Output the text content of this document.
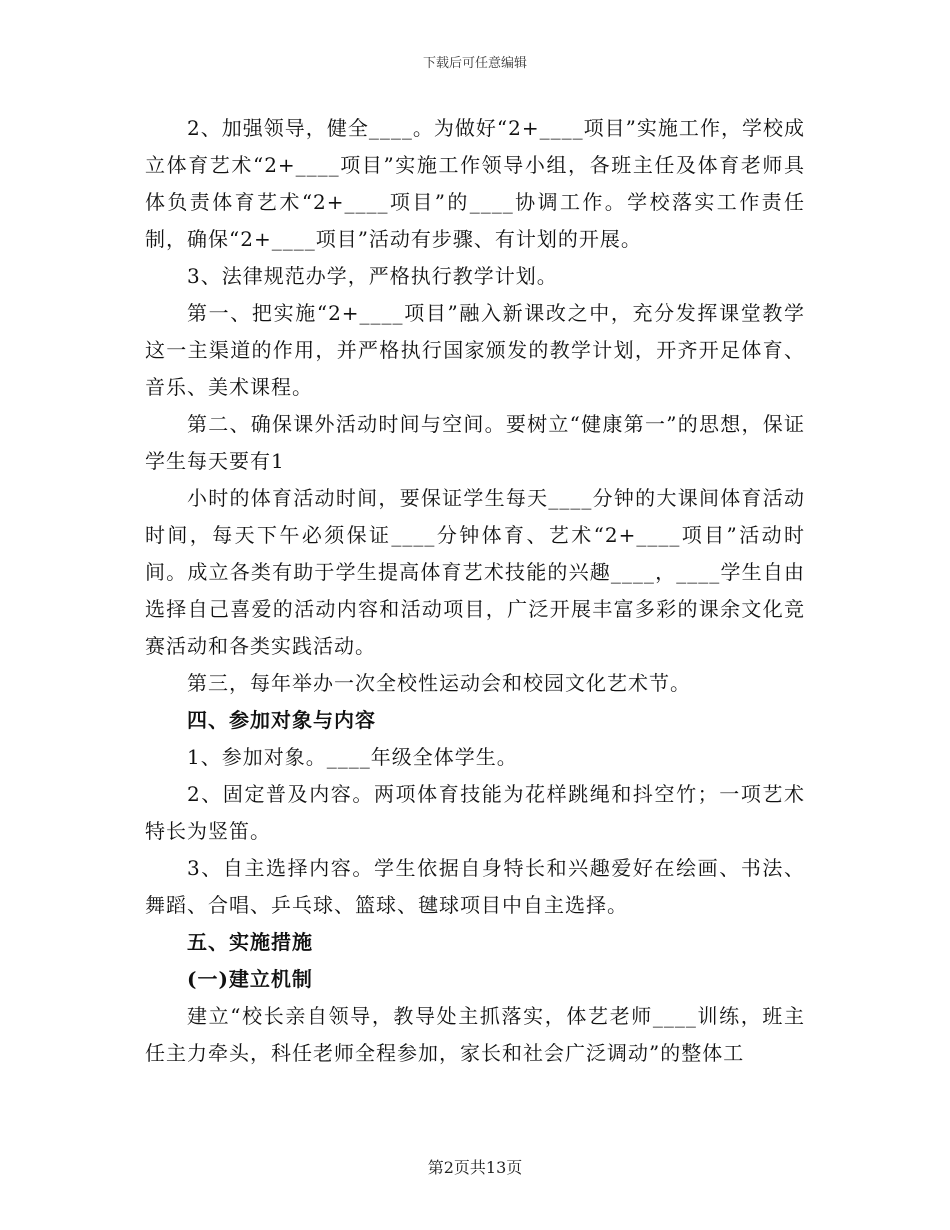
下载后可任意编辑

2、加强领导，健全____。为做好“2+____项目”实施工作，学校成立体育艺术“2+____项目”实施工作领导小组，各班主任及体育老师具体负责体育艺术“2+____项目”的____协调工作。学校落实工作责任制，确保“2+____项目”活动有步骤、有计划的开展。

3、法律规范办学，严格执行教学计划。

第一、把实施“2+____项目”融入新课改之中，充分发挥课堂教学这一主渠道的作用，并严格执行国家颁发的教学计划，开齐开足体育、音乐、美术课程。

第二、确保课外活动时间与空间。要树立“健康第一”的思想，保证学生每天要有1

小时的体育活动时间，要保证学生每天____分钟的大课间体育活动时间，每天下午必须保证____分钟体育、艺术“2+____项目”活动时间。成立各类有助于学生提高体育艺术技能的兴趣____，____学生自由选择自己喜爱的活动内容和活动项目，广泛开展丰富多彩的课余文化竞赛活动和各类实践活动。

第三，每年举办一次全校性运动会和校园文化艺术节。

四、参加对象与内容

1、参加对象。____年级全体学生。

2、固定普及内容。两项体育技能为花样跳绳和抖空竹；一项艺术特长为竖笛。

3、自主选择内容。学生依据自身特长和兴趣爱好在绘画、书法、舞蹈、合唱、乒乓球、篮球、毽球项目中自主选择。

五、实施措施

(一)建立机制

建立“校长亲自领导，教导处主抓落实，体艺老师____训练，班主任主力牵头，科任老师全程参加，家长和社会广泛调动”的整体工

第2页共13页
